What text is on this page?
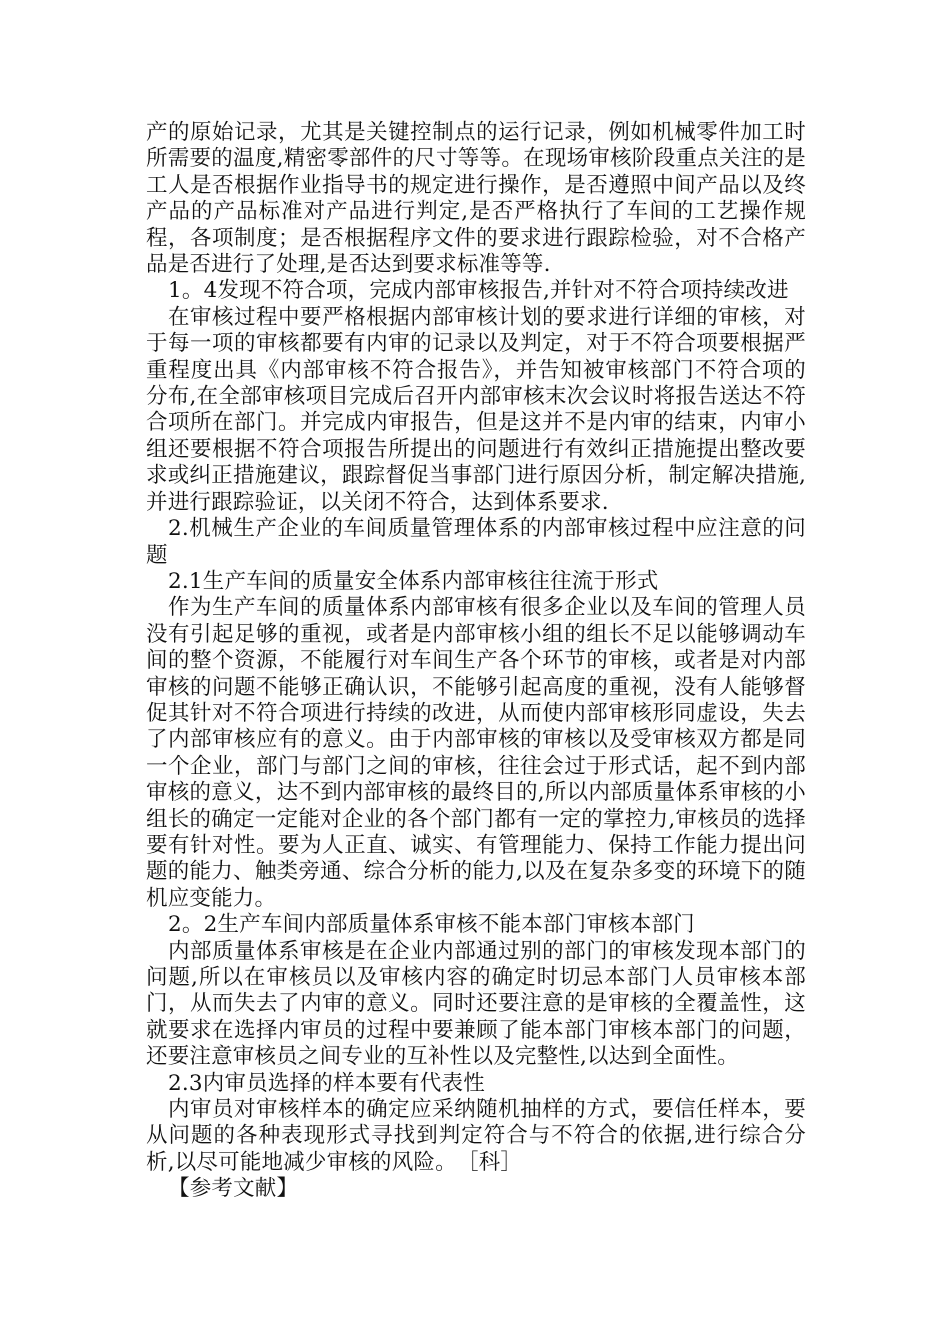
产的原始记录，尤其是关键控制点的运行记录，例如机械零件加工时所需要的温度,精密零部件的尺寸等等。在现场审核阶段重点关注的是工人是否根据作业指导书的规定进行操作，是否遵照中间产品以及终产品的产品标准对产品进行判定,是否严格执行了车间的工艺操作规程，各项制度；是否根据程序文件的要求进行跟踪检验，对不合格产品是否进行了处理,是否达到要求标准等等.

1。4发现不符合项，完成内部审核报告,并针对不符合项持续改进

在审核过程中要严格根据内部审核计划的要求进行详细的审核，对于每一项的审核都要有内审的记录以及判定，对于不符合项要根据严重程度出具《内部审核不符合报告》，并告知被审核部门不符合项的分布,在全部审核项目完成后召开内部审核末次会议时将报告送达不符合项所在部门。并完成内审报告，但是这并不是内审的结束，内审小组还要根据不符合项报告所提出的问题进行有效纠正措施提出整改要求或纠正措施建议，跟踪督促当事部门进行原因分析，制定解决措施,并进行跟踪验证，以关闭不符合，达到体系要求.

2.机械生产企业的车间质量管理体系的内部审核过程中应注意的问题

2.1生产车间的质量安全体系内部审核往往流于形式

作为生产车间的质量体系内部审核有很多企业以及车间的管理人员没有引起足够的重视，或者是内部审核小组的组长不足以能够调动车间的整个资源，不能履行对车间生产各个环节的审核，或者是对内部审核的问题不能够正确认识，不能够引起高度的重视，没有人能够督促其针对不符合项进行持续的改进，从而使内部审核形同虚设，失去了内部审核应有的意义。由于内部审核的审核以及受审核双方都是同一个企业，部门与部门之间的审核，往往会过于形式话，起不到内部审核的意义，达不到内部审核的最终目的,所以内部质量体系审核的小组长的确定一定能对企业的各个部门都有一定的掌控力,审核员的选择要有针对性。要为人正直、诚实、有管理能力、保持工作能力提出问题的能力、触类旁通、综合分析的能力,以及在复杂多变的环境下的随机应变能力。

2。2生产车间内部质量体系审核不能本部门审核本部门

内部质量体系审核是在企业内部通过别的部门的审核发现本部门的问题,所以在审核员以及审核内容的确定时切忌本部门人员审核本部门，从而失去了内审的意义。同时还要注意的是审核的全覆盖性，这就要求在选择内审员的过程中要兼顾了能本部门审核本部门的问题，还要注意审核员之间专业的互补性以及完整性,以达到全面性。

2.3内审员选择的样本要有代表性

内审员对审核样本的确定应采纳随机抽样的方式，要信任样本，要从问题的各种表现形式寻找到判定符合与不符合的依据,进行综合分析,以尽可能地减少审核的风险。　［科］

【参考文献】
